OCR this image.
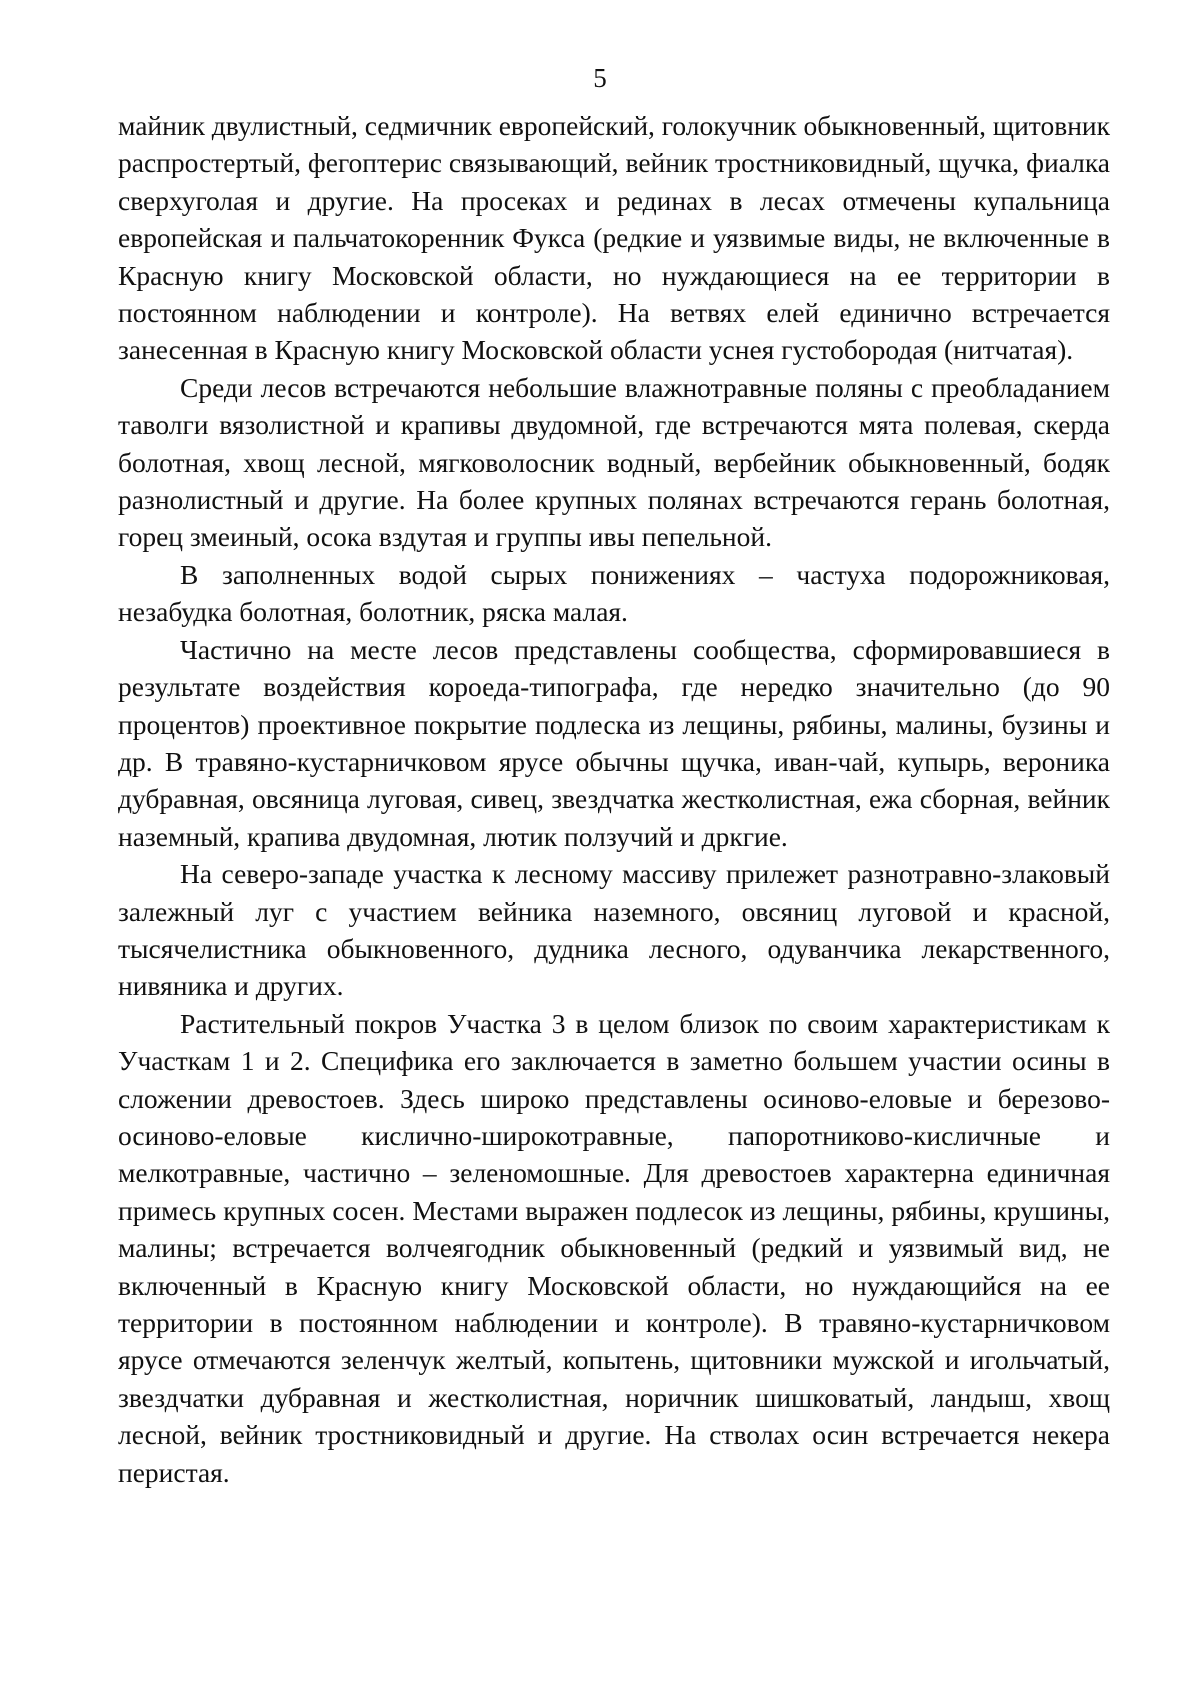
5

майник двулистный, седмичник европейский, голокучник обыкновенный, щитовник распростертый, фегоптерис связывающий, вейник тростниковидный, щучка, фиалка сверхуголая и другие. На просеках и рединах в лесах отмечены купальница европейская и пальчатокоренник Фукса (редкие и уязвимые виды, не включенные в Красную книгу Московской области, но нуждающиеся на ее территории в постоянном наблюдении и контроле). На ветвях елей единично встречается занесенная в Красную книгу Московской области уснея густобородая (нитчатая).

Среди лесов встречаются небольшие влажнотравные поляны с преобладанием таволги вязолистной и крапивы двудомной, где встречаются мята полевая, скерда болотная, хвощ лесной, мягковолосник водный, вербейник обыкновенный, бодяк разнолистный и другие. На более крупных полянах встречаются герань болотная, горец змеиный, осока вздутая и группы ивы пепельной.

В заполненных водой сырых понижениях – частуха подорожниковая, незабудка болотная, болотник, ряска малая.

Частично на месте лесов представлены сообщества, сформировавшиеся в результате воздействия короеда-типографа, где нередко значительно (до 90 процентов) проективное покрытие подлеска из лещины, рябины, малины, бузины и др. В травяно-кустарничковом ярусе обычны щучка, иван-чай, купырь, вероника дубравная, овсяница луговая, сивец, звездчатка жестколистная, ежа сборная, вейник наземный, крапива двудомная, лютик ползучий и дркгие.

На северо-западе участка к лесному массиву прилежет разнотравно-злаковый залежный луг с участием вейника наземного, овсяниц луговой и красной, тысячелистника обыкновенного, дудника лесного, одуванчика лекарственного, нивяника и других.

Растительный покров Участка 3 в целом близок по своим характеристикам к Участкам 1 и 2. Специфика его заключается в заметно большем участии осины в сложении древостоев. Здесь широко представлены осиново-еловые и березово-осиново-еловые кислично-широкотравные, папоротниково-кисличные и мелкотравные, частично – зеленомошные. Для древостоев характерна единичная примесь крупных сосен. Местами выражен подлесок из лещины, рябины, крушины, малины; встречается волчеягодник обыкновенный (редкий и уязвимый вид, не включенный в Красную книгу Московской области, но нуждающийся на ее территории в постоянном наблюдении и контроле). В травяно-кустарничковом ярусе отмечаются зеленчук желтый, копытень, щитовники мужской и игольчатый, звездчатки дубравная и жестколистная, норичник шишковатый, ландыш, хвощ лесной, вейник тростниковидный и другие. На стволах осин встречается некера перистая.
